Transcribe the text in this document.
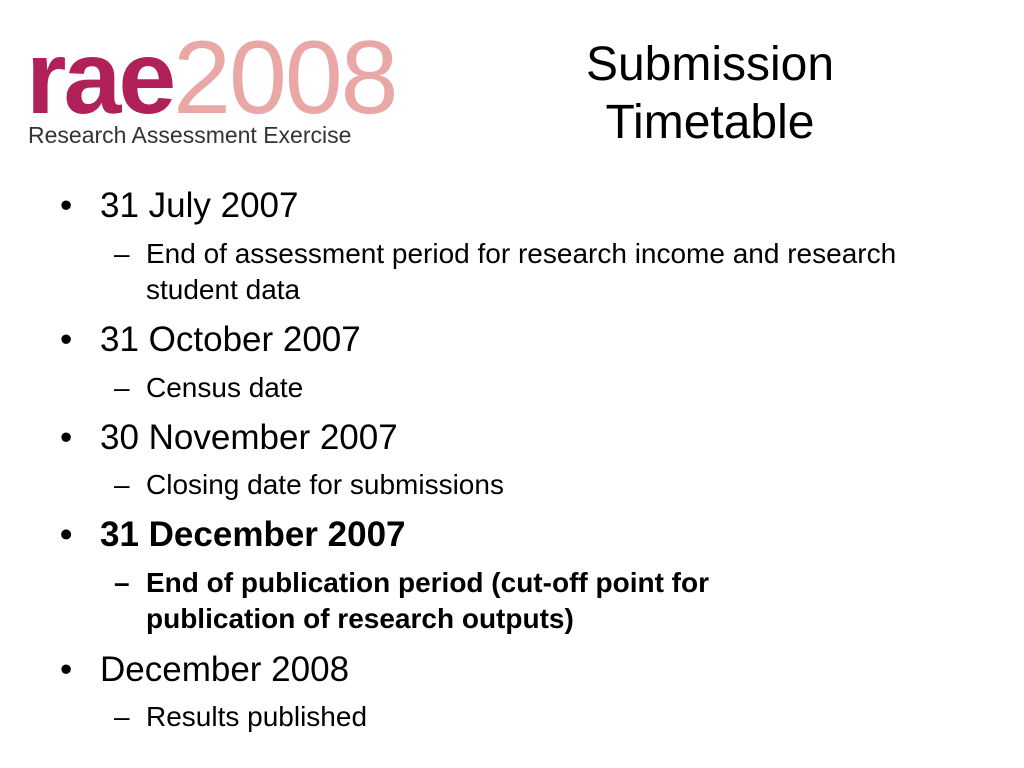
rae2008
Research Assessment Exercise
Submission
Timetable
• 31 July 2007
– End of assessment period for research income and research student data
• 31 October 2007
– Census date
• 30 November 2007
– Closing date for submissions
• 31 December 2007
– End of publication period (cut-off point for publication of research outputs)
• December 2008
– Results published
